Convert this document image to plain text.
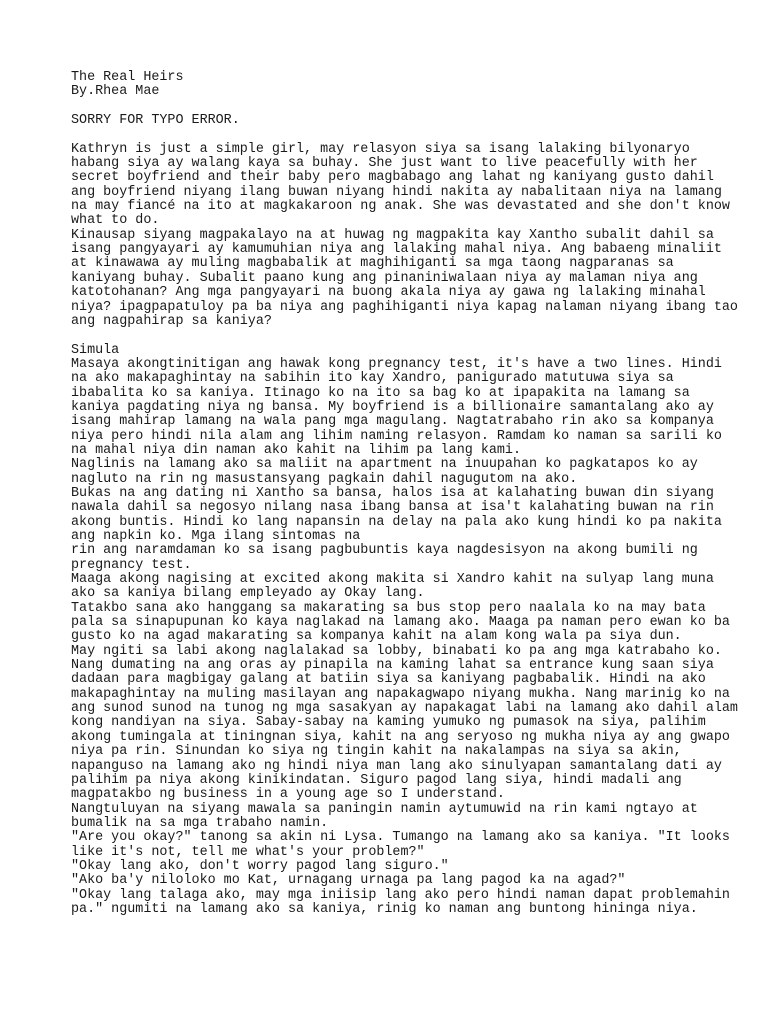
The Real Heirs
By.Rhea Mae
SORRY FOR TYPO ERROR.
Kathryn is just a simple girl, may relasyon siya sa isang lalaking bilyonaryo
habang siya ay walang kaya sa buhay. She just want to live peacefully with her
secret boyfriend and their baby pero magbabago ang lahat ng kaniyang gusto dahil
ang boyfriend niyang ilang buwan niyang hindi nakita ay nabalitaan niya na lamang
na may fiancé na ito at magkakaroon ng anak. She was devastated and she don't know
what to do.
Kinausap siyang magpakalayo na at huwag ng magpakita kay Xantho subalit dahil sa
isang pangyayari ay kamumuhian niya ang lalaking mahal niya. Ang babaeng minaliit
at kinawawa ay muling magbabalik at maghihiganti sa mga taong nagparanas sa
kaniyang buhay. Subalit paano kung ang pinaniniwalaan niya ay malaman niya ang
katotohanan? Ang mga pangyayari na buong akala niya ay gawa ng lalaking minahal
niya? ipagpapatuloy pa ba niya ang paghihiganti niya kapag nalaman niyang ibang tao
ang nagpahirap sa kaniya?
Simula
Masaya akongtinitigan ang hawak kong pregnancy test, it's have a two lines. Hindi
na ako makapaghintay na sabihin ito kay Xandro, panigurado matutuwa siya sa
ibabalita ko sa kaniya. Itinago ko na ito sa bag ko at ipapakita na lamang sa
kaniya pagdating niya ng bansa. My boyfriend is a billionaire samantalang ako ay
isang mahirap lamang na wala pang mga magulang. Nagtatrabaho rin ako sa kompanya
niya pero hindi nila alam ang lihim naming relasyon. Ramdam ko naman sa sarili ko
na mahal niya din naman ako kahit na lihim pa lang kami.
Naglinis na lamang ako sa maliit na apartment na inuupahan ko pagkatapos ko ay
nagluto na rin ng masustansyang pagkain dahil nagugutom na ako.
Bukas na ang dating ni Xantho sa bansa, halos isa at kalahating buwan din siyang
nawala dahil sa negosyo nilang nasa ibang bansa at isa't kalahating buwan na rin
akong buntis. Hindi ko lang napansin na delay na pala ako kung hindi ko pa nakita
ang napkin ko. Mga ilang sintomas na
rin ang naramdaman ko sa isang pagbubuntis kaya nagdesisyon na akong bumili ng
pregnancy test.
Maaga akong nagising at excited akong makita si Xandro kahit na sulyap lang muna
ako sa kaniya bilang empleyado ay Okay lang.
Tatakbo sana ako hanggang sa makarating sa bus stop pero naalala ko na may bata
pala sa sinapupunan ko kaya naglakad na lamang ako. Maaga pa naman pero ewan ko ba
gusto ko na agad makarating sa kompanya kahit na alam kong wala pa siya dun.
May ngiti sa labi akong naglalakad sa lobby, binabati ko pa ang mga katrabaho ko.
Nang dumating na ang oras ay pinapila na kaming lahat sa entrance kung saan siya
dadaan para magbigay galang at batiin siya sa kaniyang pagbabalik. Hindi na ako
makapaghintay na muling masilayan ang napakagwapo niyang mukha. Nang marinig ko na
ang sunod sunod na tunog ng mga sasakyan ay napakagat labi na lamang ako dahil alam
kong nandiyan na siya. Sabay-sabay na kaming yumuko ng pumasok na siya, palihim
akong tumingala at tiningnan siya, kahit na ang seryoso ng mukha niya ay ang gwapo
niya pa rin. Sinundan ko siya ng tingin kahit na nakalampas na siya sa akin,
napanguso na lamang ako ng hindi niya man lang ako sinulyapan samantalang dati ay
palihim pa niya akong kinikindatan. Siguro pagod lang siya, hindi madali ang
magpatakbo ng business in a young age so I understand.
Nangtuluyan na siyang mawala sa paningin namin aytumuwid na rin kami ngtayo at
bumalik na sa mga trabaho namin.
"Are you okay?" tanong sa akin ni Lysa. Tumango na lamang ako sa kaniya. "It looks
like it's not, tell me what's your problem?"
"Okay lang ako, don't worry pagod lang siguro."
"Ako ba'y niloloko mo Kat, urnagang urnaga pa lang pagod ka na agad?"
"Okay lang talaga ako, may mga iniisip lang ako pero hindi naman dapat problemahin
pa." ngumiti na lamang ako sa kaniya, rinig ko naman ang buntong hininga niya.
